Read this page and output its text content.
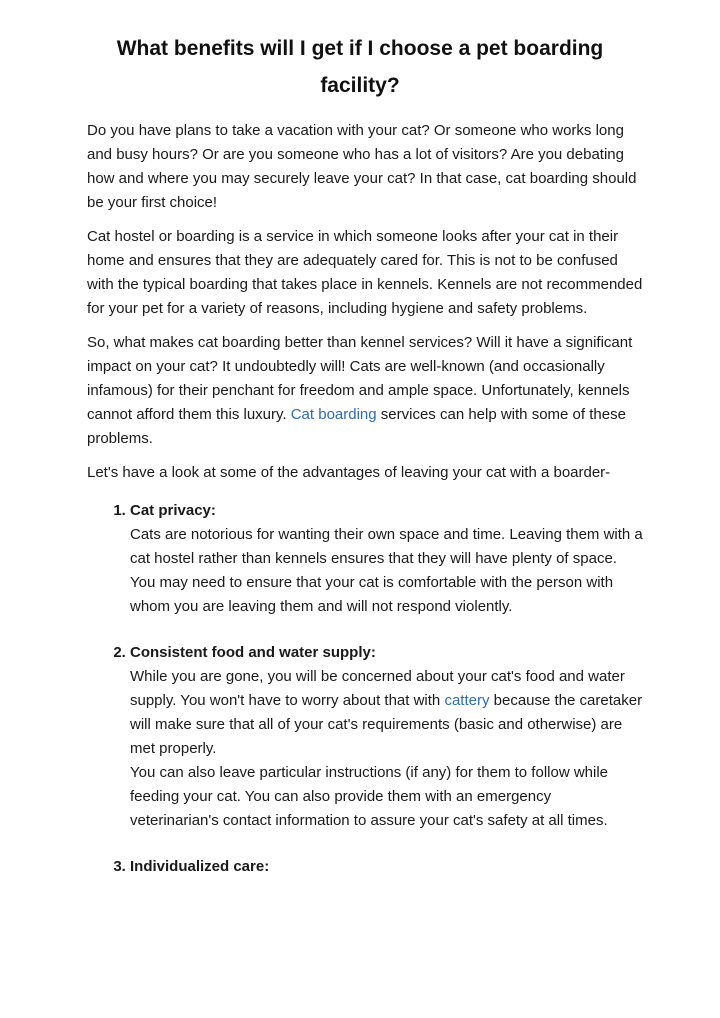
What benefits will I get if I choose a pet boarding facility?

Do you have plans to take a vacation with your cat? Or someone who works long and busy hours? Or are you someone who has a lot of visitors? Are you debating how and where you may securely leave your cat? In that case, cat boarding should be your first choice!

Cat hostel or boarding is a service in which someone looks after your cat in their home and ensures that they are adequately cared for. This is not to be confused with the typical boarding that takes place in kennels. Kennels are not recommended for your pet for a variety of reasons, including hygiene and safety problems.

So, what makes cat boarding better than kennel services? Will it have a significant impact on your cat? It undoubtedly will! Cats are well-known (and occasionally infamous) for their penchant for freedom and ample space. Unfortunately, kennels cannot afford them this luxury. Cat boarding services can help with some of these problems.

Let's have a look at some of the advantages of leaving your cat with a boarder-

1. Cat privacy:
Cats are notorious for wanting their own space and time. Leaving them with a cat hostel rather than kennels ensures that they will have plenty of space. You may need to ensure that your cat is comfortable with the person with whom you are leaving them and will not respond violently.
2. Consistent food and water supply:
While you are gone, you will be concerned about your cat's food and water supply. You won't have to worry about that with cattery because the caretaker will make sure that all of your cat's requirements (basic and otherwise) are met properly.
You can also leave particular instructions (if any) for them to follow while feeding your cat. You can also provide them with an emergency veterinarian's contact information to assure your cat's safety at all times.
3. Individualized care:
